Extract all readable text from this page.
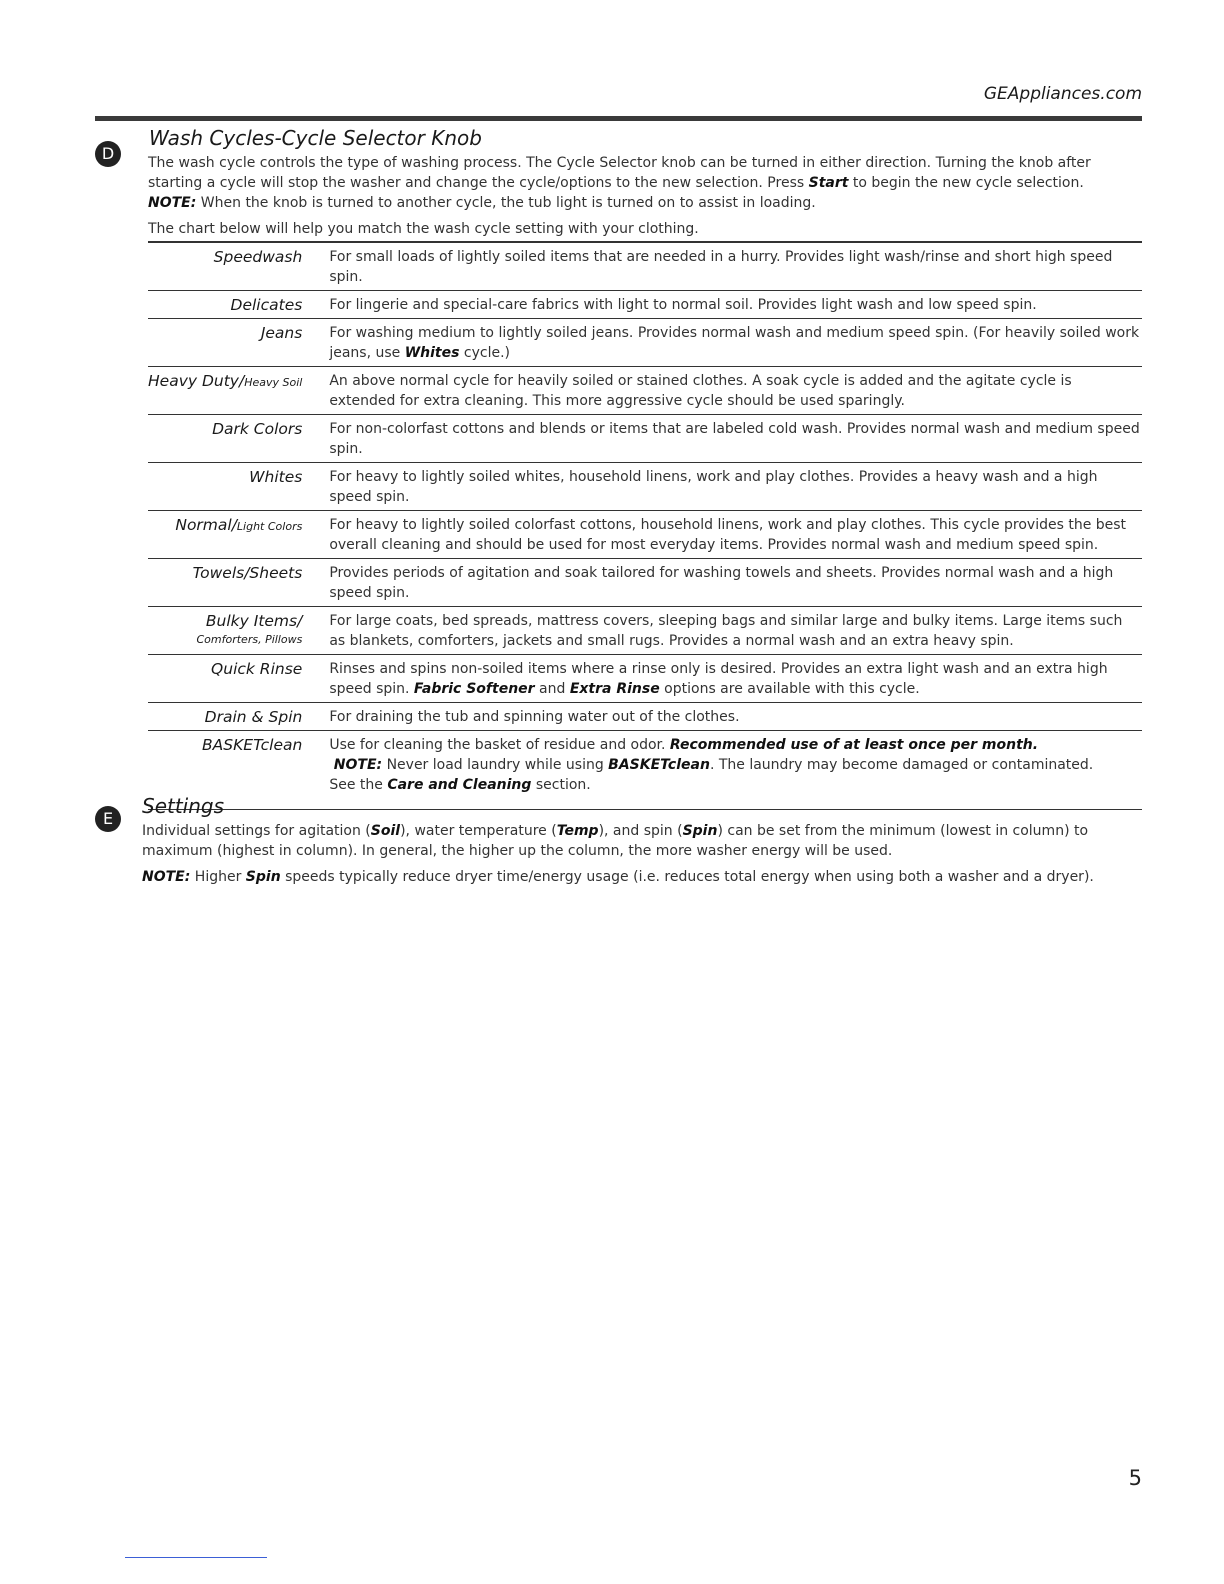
GEAppliances.com
D
Wash Cycles-Cycle Selector Knob

The wash cycle controls the type of washing process. The Cycle Selector knob can be turned in either direction. Turning the knob after starting a cycle will stop the washer and change the cycle/options to the new selection. Press Start to begin the new cycle selection.

NOTE: When the knob is turned to another cycle, the tub light is turned on to assist in loading.

The chart below will help you match the wash cycle setting with your clothing.

Speedwash	For small loads of lightly soiled items that are needed in a hurry. Provides light wash/rinse and short high speed spin.
Delicates	For lingerie and special-care fabrics with light to normal soil. Provides light wash and low speed spin.
Jeans	For washing medium to lightly soiled jeans. Provides normal wash and medium speed spin. (For heavily soiled work jeans, use Whites cycle.)
Heavy Duty/Heavy Soil	An above normal cycle for heavily soiled or stained clothes. A soak cycle is added and the agitate cycle is extended for extra cleaning. This more aggressive cycle should be used sparingly.
Dark Colors	For non-colorfast cottons and blends or items that are labeled cold wash. Provides normal wash and medium speed spin.
Whites	For heavy to lightly soiled whites, household linens, work and play clothes. Provides a heavy wash and a high speed spin.
Normal/Light Colors	For heavy to lightly soiled colorfast cottons, household linens, work and play clothes. This cycle provides the best overall cleaning and should be used for most everyday items. Provides normal wash and medium speed spin.
Towels/Sheets	Provides periods of agitation and soak tailored for washing towels and sheets. Provides normal wash and a high speed spin.
Bulky Items/
Comforters, Pillows	For large coats, bed spreads, mattress covers, sleeping bags and similar large and bulky items. Large items such as blankets, comforters, jackets and small rugs. Provides a normal wash and an extra heavy spin.
Quick Rinse	Rinses and spins non-soiled items where a rinse only is desired. Provides an extra light wash and an extra high speed spin. Fabric Softener and Extra Rinse options are available with this cycle.
Drain & Spin	For draining the tub and spinning water out of the clothes.
BASKETclean	Use for cleaning the basket of residue and odor. Recommended use of at least once per month.
NOTE: Never load laundry while using BASKETclean. The laundry may become damaged or contaminated.
See the Care and Cleaning section.
E
Settings

Individual settings for agitation (Soil), water temperature (Temp), and spin (Spin) can be set from the minimum (lowest in column) to maximum (highest in column). In general, the higher up the column, the more washer energy will be used.

NOTE: Higher Spin speeds typically reduce dryer time/energy usage (i.e. reduces total energy when using both a washer and a dryer).

5
